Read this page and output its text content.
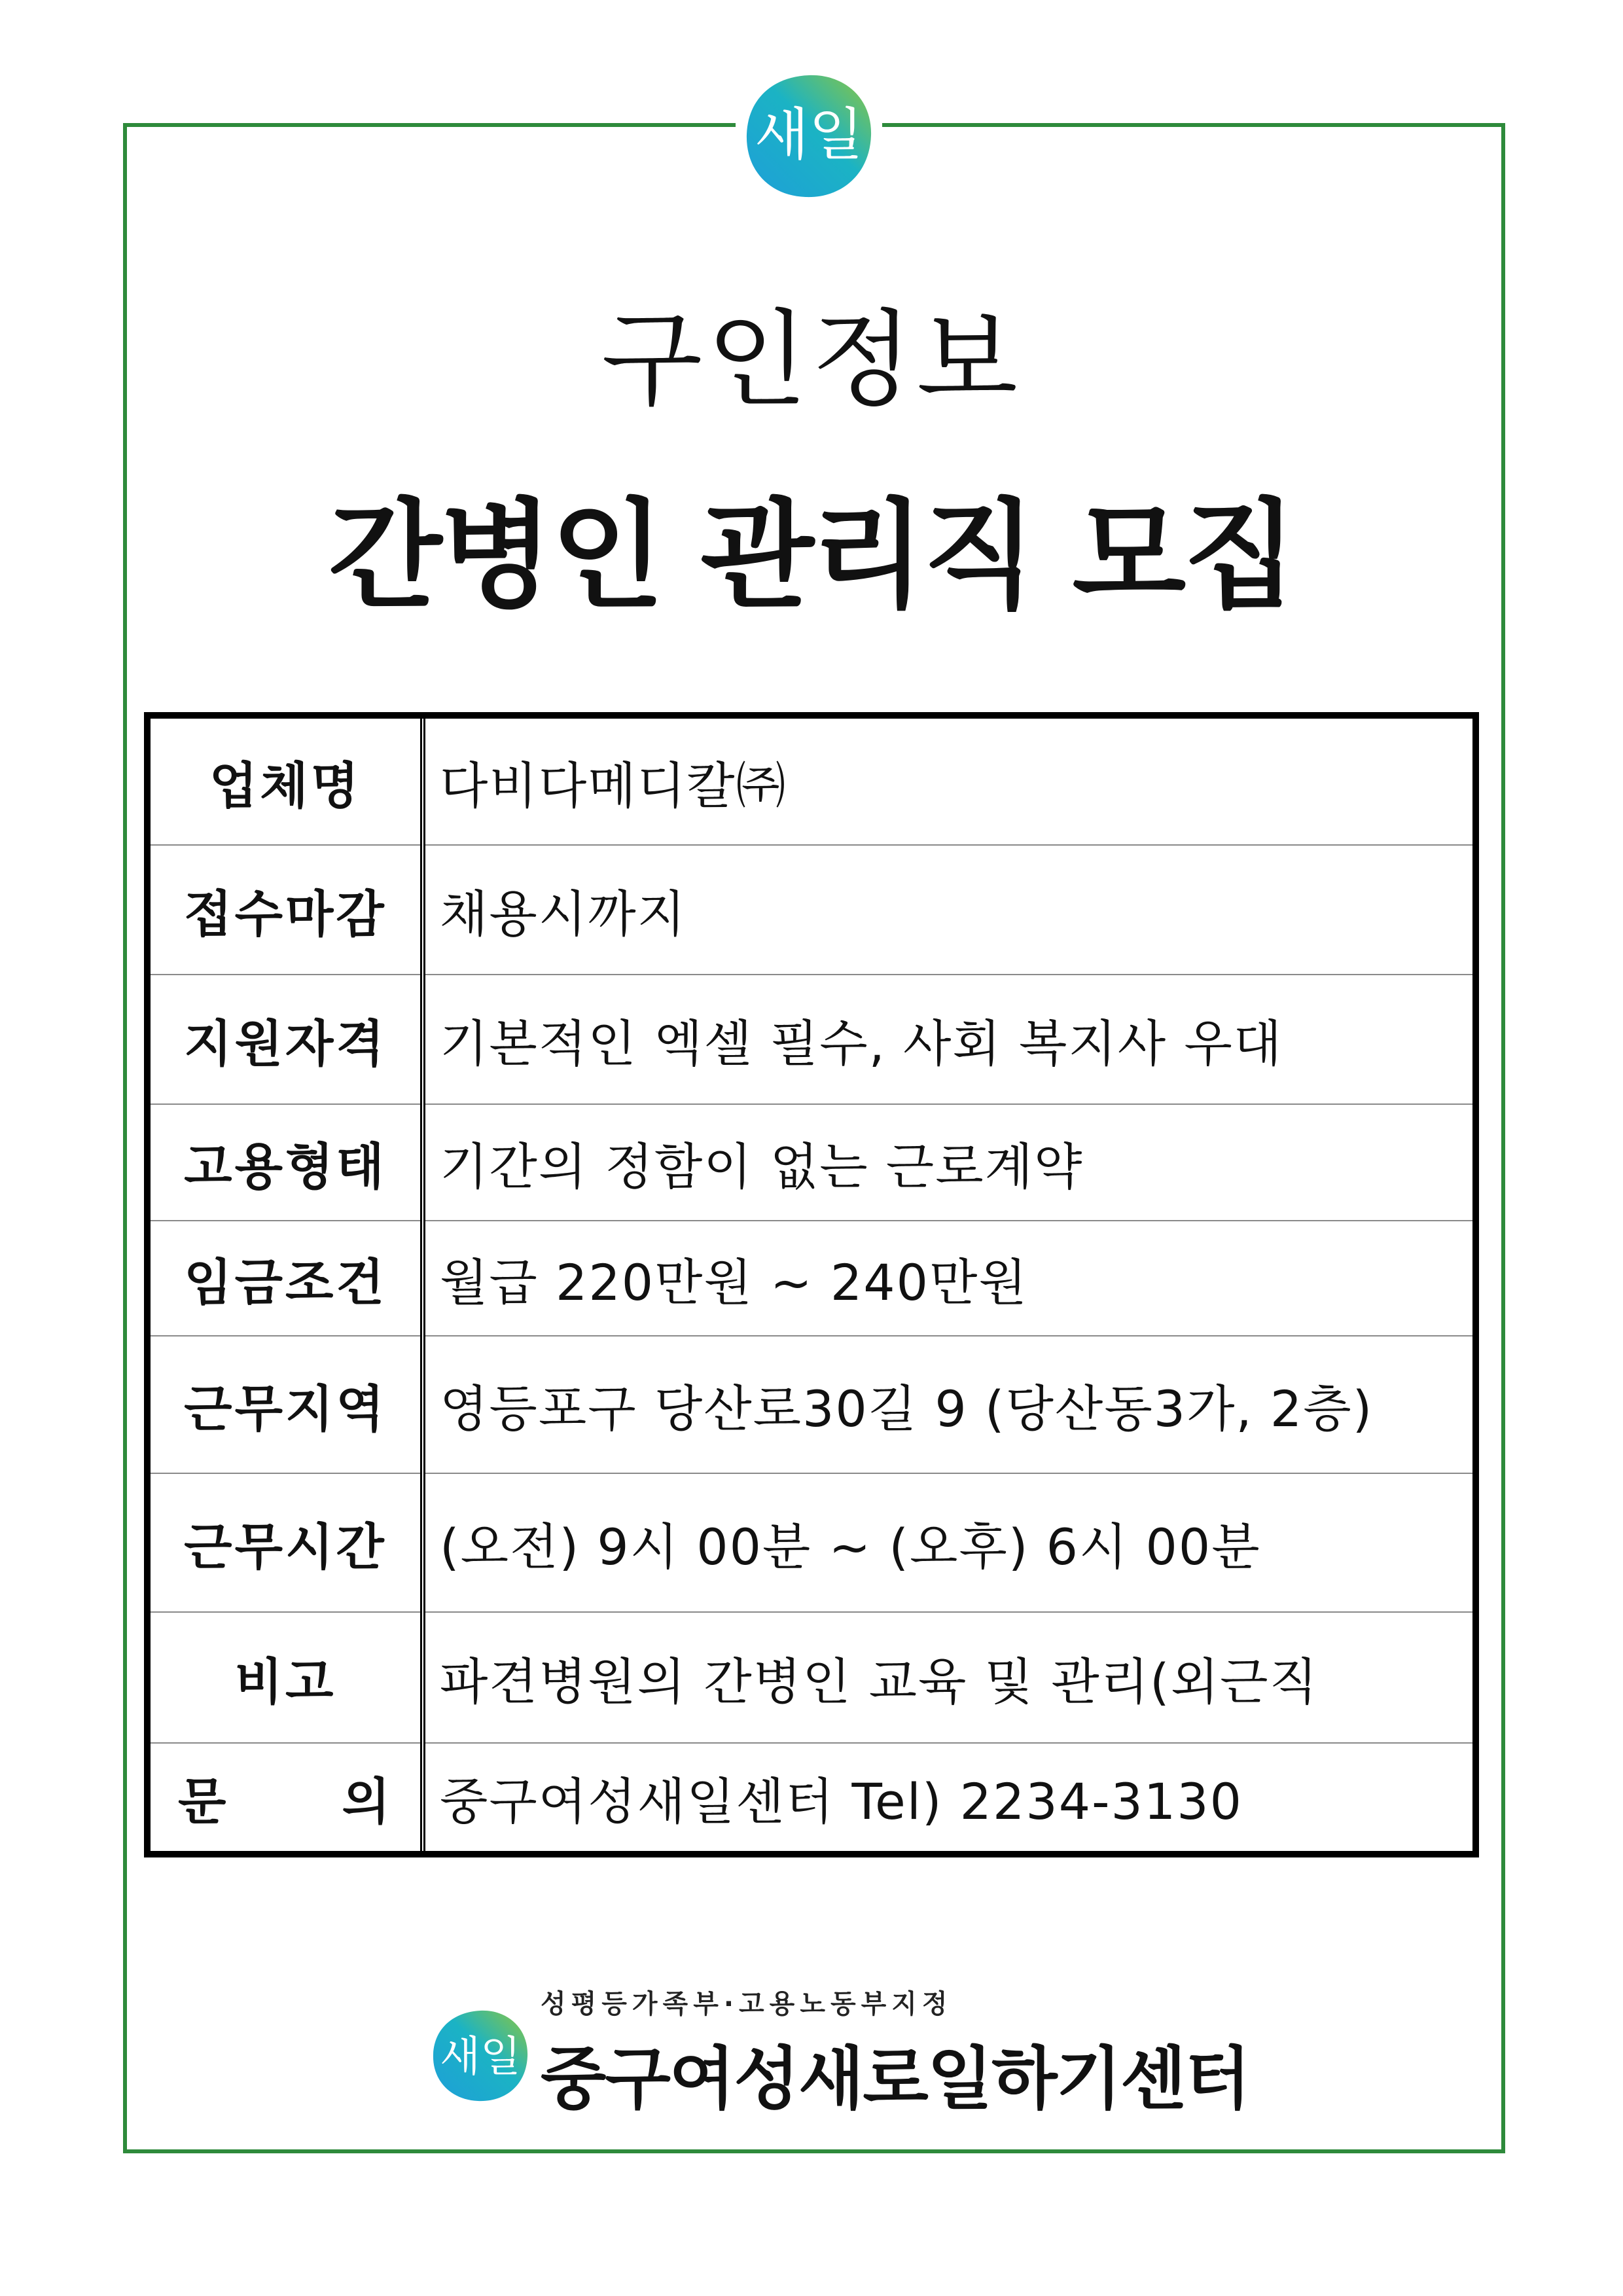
새일
구인정보
간병인 관리직 모집
업체명	다비다메디칼㈜
접수마감	채용시까지
지원자격	기본적인 엑셀 필수, 사회 복지사 우대
고용형태	기간의 정함이 없는 근로계약
임금조건	월급 220만원 ~ 240만원
근무지역	영등포구 당산로30길 9 (당산동3가, 2층)
근무시간	(오전) 9시 00분 ~ (오후) 6시 00분
비고	파견병원의 간병인 교육 및 관리(외근직

문 의	중구여성새일센터 Tel) 2234-3130
성평등가족부·고용노동부지정
새일 중구여성새로일하기센터
